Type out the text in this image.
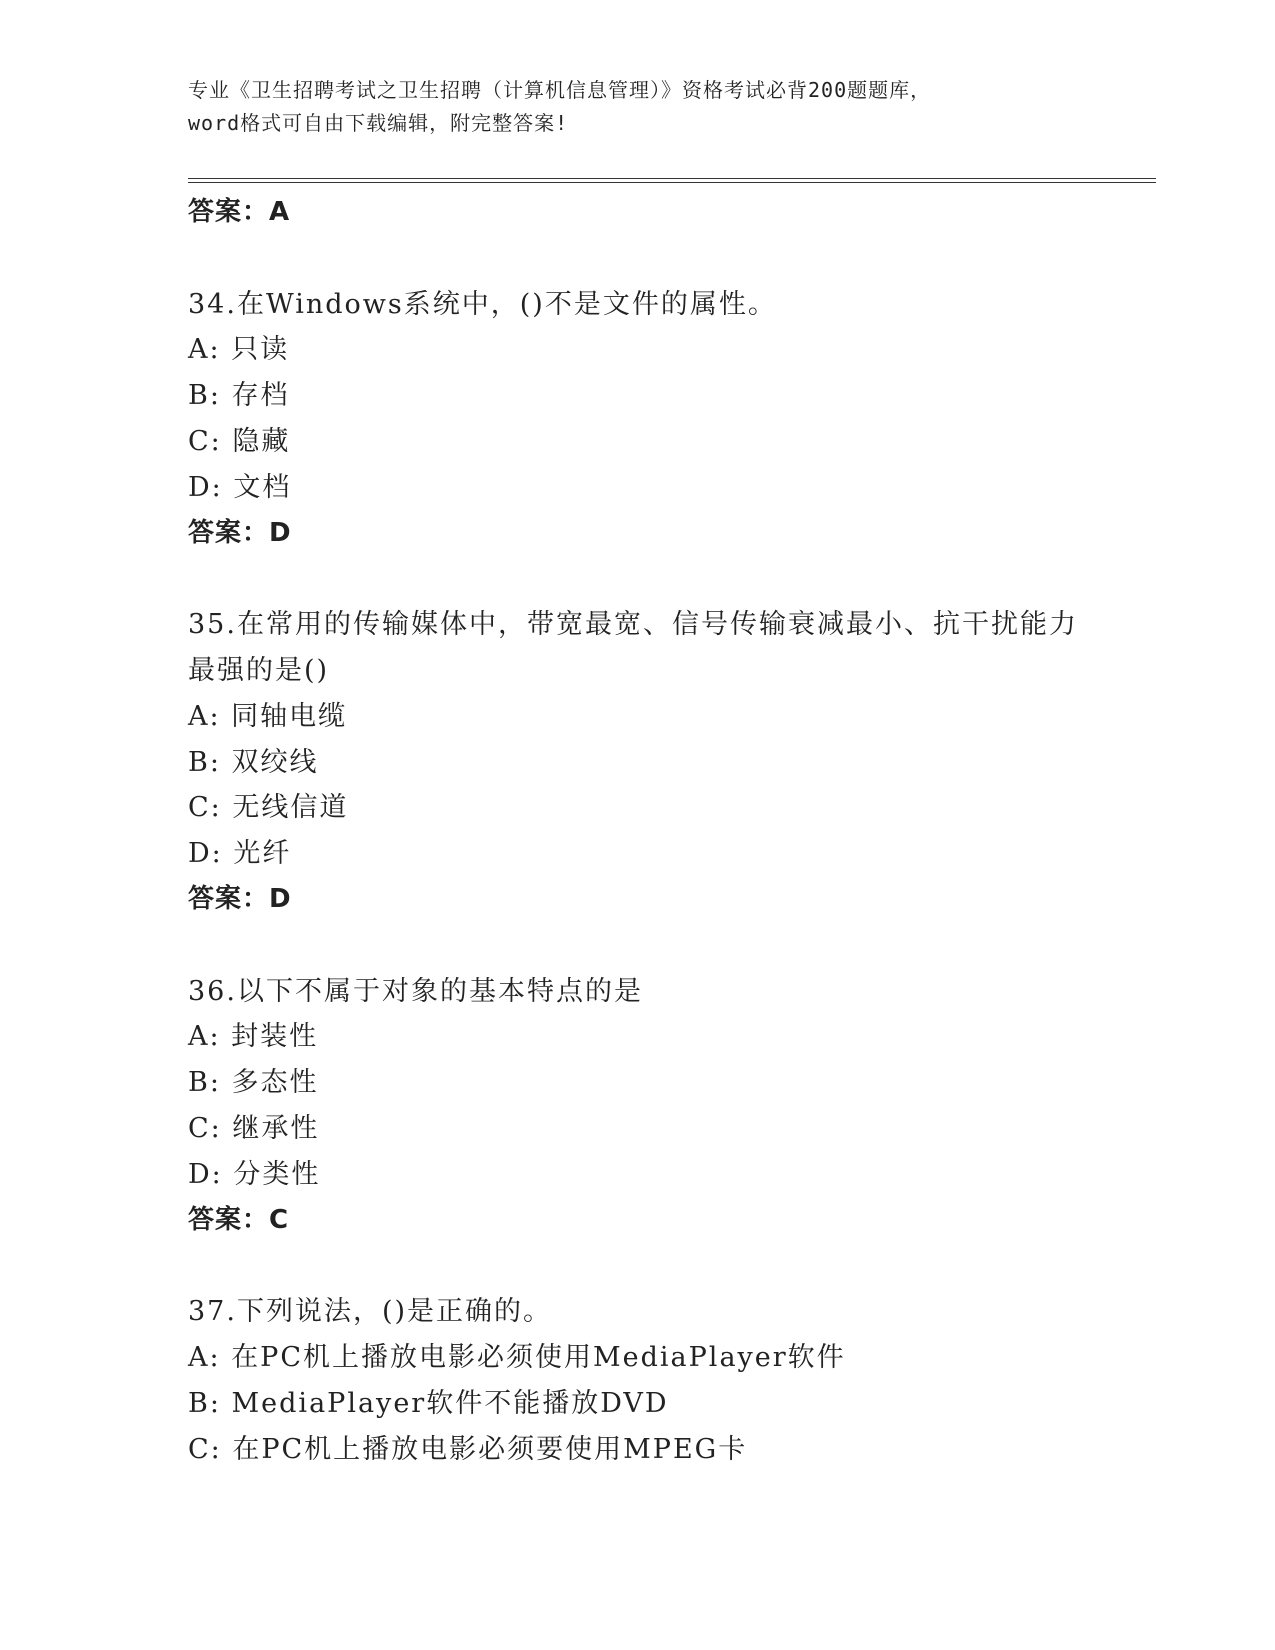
专业《卫生招聘考试之卫生招聘（计算机信息管理）》资格考试必背200题题库，
word格式可自由下载编辑，附完整答案!
答案：A
34.在Windows系统中，()不是文件的属性。
A: 只读
B: 存档
C: 隐藏
D: 文档
答案：D
35.在常用的传输媒体中，带宽最宽、信号传输衰减最小、抗干扰能力
最强的是()
A: 同轴电缆
B: 双绞线
C: 无线信道
D: 光纤
答案：D
36.以下不属于对象的基本特点的是
A: 封装性
B: 多态性
C: 继承性
D: 分类性
答案：C
37.下列说法，()是正确的。
A: 在PC机上播放电影必须使用MediaPlayer软件
B: MediaPlayer软件不能播放DVD
C: 在PC机上播放电影必须要使用MPEG卡
